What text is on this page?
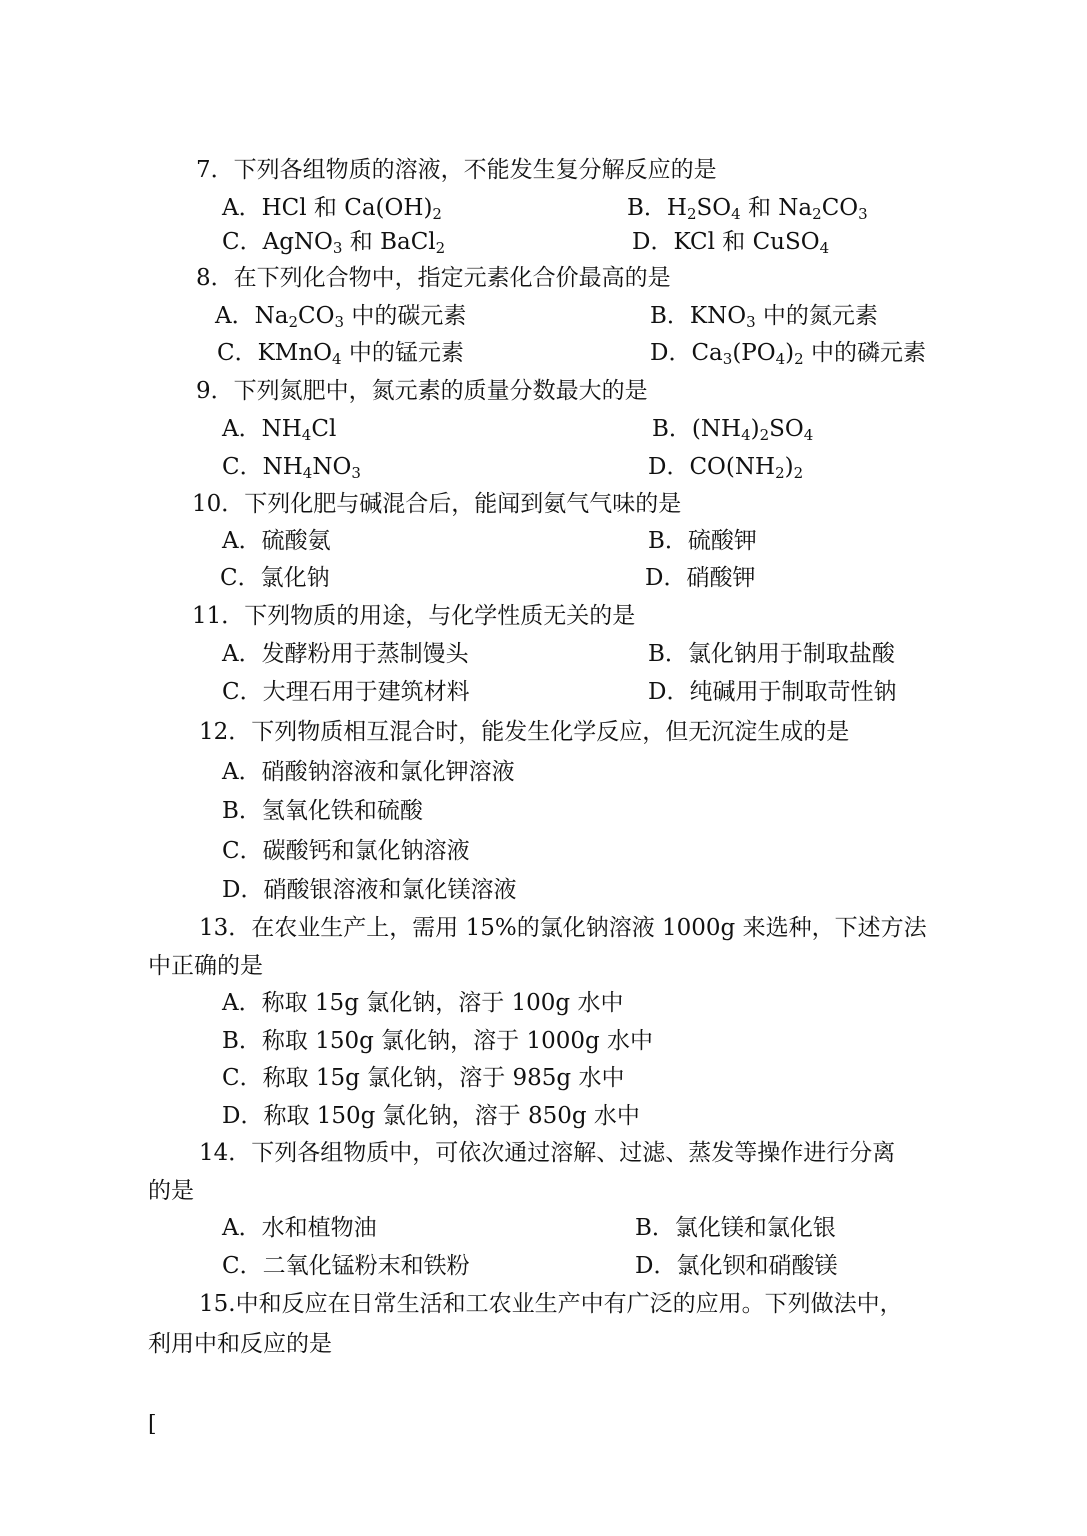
7．下列各组物质的溶液，不能发生复分解反应的是
A．HCl 和 $Ca(OH)_2$	B．$H_2SO_4$ 和 $Na_2CO_3$
C．AgNO$_3$ 和 BaCl$_2$	D．KCl 和 CuSO$_4$
8．在下列化合物中，指定元素化合价最高的是
A．$Na_2CO_3$ 中的碳元素	B．$KNO_3$ 中的氮元素
C．KMnO$_4$ 中的锰元素	D．$Ca_3(PO_4)_2$ 中的磷元素
9．下列氮肥中，氮元素的质量分数最大的是
A．$NH_4Cl$	B．$(NH_4)_2SO_4$
C．$NH_4NO_3$	D．$CO(NH_2)_2$
10．下列化肥与碱混合后，能闻到氨气气味的是
A．硫酸氨	B．硫酸钾
C．氯化钠	D．硝酸钾
11．下列物质的用途，与化学性质无关的是
A．发酵粉用于蒸制馒头	B．氯化钠用于制取盐酸
C．大理石用于建筑材料	D．纯碱用于制取苛性钠
12．下列物质相互混合时，能发生化学反应，但无沉淀生成的是
A．硝酸钠溶液和氯化钾溶液
B．氢氧化铁和硫酸
C．碳酸钙和氯化钠溶液
D．硝酸银溶液和氯化镁溶液
13．在农业生产上，需用 15%的氯化钠溶液 1000g 来选种，下述方法
中正确的是
A．称取 15g 氯化钠，溶于 100g 水中
B．称取 150g 氯化钠，溶于 1000g 水中
C．称取 15g 氯化钠，溶于 985g 水中
D．称取 150g 氯化钠，溶于 850g 水中
14．下列各组物质中，可依次通过溶解、过滤、蒸发等操作进行分离
的是
A．水和植物油	B．氯化镁和氯化银
C．二氧化锰粉末和铁粉	D．氯化钡和硝酸镁
15.中和反应在日常生活和工农业生产中有广泛的应用。下列做法中，
利用中和反应的是
[
